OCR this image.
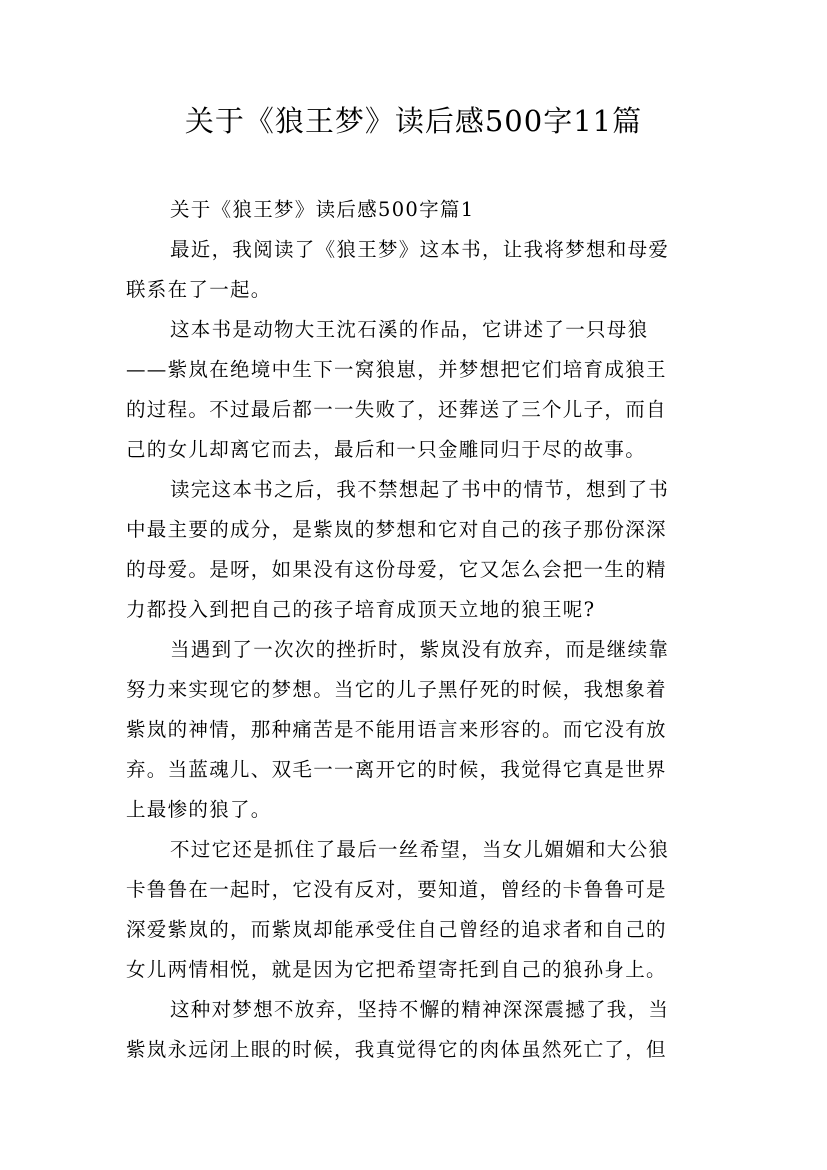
关于《狼王梦》读后感500字11篇

关于《狼王梦》读后感500字篇1

最近，我阅读了《狼王梦》这本书，让我将梦想和母爱

联系在了一起。

这本书是动物大王沈石溪的作品，它讲述了一只母狼

——紫岚在绝境中生下一窝狼崽，并梦想把它们培育成狼王

的过程。不过最后都一一失败了，还葬送了三个儿子，而自

己的女儿却离它而去，最后和一只金雕同归于尽的故事。

读完这本书之后，我不禁想起了书中的情节，想到了书

中最主要的成分，是紫岚的梦想和它对自己的孩子那份深深

的母爱。是呀，如果没有这份母爱，它又怎么会把一生的精

力都投入到把自己的孩子培育成顶天立地的狼王呢?

当遇到了一次次的挫折时，紫岚没有放弃，而是继续靠

努力来实现它的梦想。当它的儿子黑仔死的时候，我想象着

紫岚的神情，那种痛苦是不能用语言来形容的。而它没有放

弃。当蓝魂儿、双毛一一离开它的时候，我觉得它真是世界

上最惨的狼了。

不过它还是抓住了最后一丝希望，当女儿媚媚和大公狼

卡鲁鲁在一起时，它没有反对，要知道，曾经的卡鲁鲁可是

深爱紫岚的，而紫岚却能承受住自己曾经的追求者和自己的

女儿两情相悦，就是因为它把希望寄托到自己的狼孙身上。

这种对梦想不放弃，坚持不懈的精神深深震撼了我，当

紫岚永远闭上眼的时候，我真觉得它的肉体虽然死亡了，但
